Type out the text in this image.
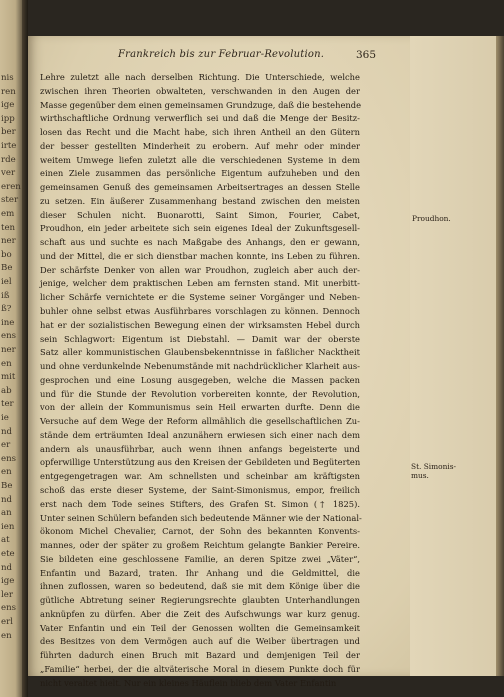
nis
ren
ige
ipp
ber
irte
rde
ver
eren
ster
em
ten
ner
bo
Be
iel
iß
ß?
ine
ens
ner
en
mit
ab
ter
ie
nd
er
ens
en
Be
nd
an
ien
at
ete
nd
ige
ler
ens
erl
en
Frankreich bis zur Februar-Revolution.	365
Lehre zuletzt alle nach derselben Richtung. Die Unterschiede, welche
zwischen ihren Theorien obwalteten, verschwanden in den Augen der
Masse gegenüber dem einen gemeinsamen Grundzuge, daß die bestehende
wirthschaftliche Ordnung verwerflich sei und daß die Menge der Besitz-
losen das Recht und die Macht habe, sich ihren Antheil an den Gütern
der besser gestellten Minderheit zu erobern. Auf mehr oder minder
weitem Umwege liefen zuletzt alle die verschiedenen Systeme in dem
einen Ziele zusammen das persönliche Eigentum aufzuheben und den
gemeinsamen Genuß des gemeinsamen Arbeitsertrages an dessen Stelle
zu setzen. Ein äußerer Zusammenhang bestand zwischen den meisten
dieser Schulen nicht. Buonarotti, Saint Simon, Fourier, Cabet,
Proudhon, ein jeder arbeitete sich sein eigenes Ideal der Zukunftsgesell-
schaft aus und suchte es nach Maßgabe des Anhangs, den er gewann,
und der Mittel, die er sich dienstbar machen konnte, ins Leben zu führen.
Der schärfste Denker von allen war Proudhon, zugleich aber auch der-
jenige, welcher dem praktischen Leben am fernsten stand. Mit unerbitt-
licher Schärfe vernichtete er die Systeme seiner Vorgänger und Neben-
buhler ohne selbst etwas Ausführbares vorschlagen zu können. Dennoch
hat er der sozialistischen Bewegung einen der wirksamsten Hebel durch
sein Schlagwort: Eigentum ist Diebstahl. — Damit war der oberste
Satz aller kommunistischen Glaubensbekenntnisse in faßlicher Nacktheit
und ohne verdunkelnde Nebenumstände mit nachdrücklicher Klarheit aus-
gesprochen und eine Losung ausgegeben, welche die Massen packen
und für die Stunde der Revolution vorbereiten konnte, der Revolution,
von der allein der Kommunismus sein Heil erwarten durfte. Denn die
Versuche auf dem Wege der Reform allmählich die gesellschaftlichen Zu-
stände dem erträumten Ideal anzunähern erwiesen sich einer nach dem
andern als unausführbar, auch wenn ihnen anfangs begeisterte und
opferwillige Unterstützung aus den Kreisen der Gebildeten und Begüterten
entgegengetragen war. Am schnellsten und scheinbar am kräftigsten
schoß das erste dieser Systeme, der Saint-Simonismus, empor, freilich
erst nach dem Tode seines Stifters, des Grafen St. Simon († 1825).
Unter seinen Schülern befanden sich bedeutende Männer wie der National-
ökonom Michel Chevalier, Carnot, der Sohn des bekannten Konvents-
mannes, oder der später zu großem Reichtum gelangte Bankier Pereire.
Sie bildeten eine geschlossene Familie, an deren Spitze zwei „Väter“,
Enfantin und Bazard, traten. Ihr Anhang und die Geldmittel, die
ihnen zuflossen, waren so bedeutend, daß sie mit dem Könige über die
gütliche Abtretung seiner Regierungsrechte glaubten Unterhandlungen
anknüpfen zu dürfen. Aber die Zeit des Aufschwungs war kurz genug.
Vater Enfantin und ein Teil der Genossen wollten die Gemeinsamkeit
des Besitzes von dem Vermögen auch auf die Weiber übertragen und
führten dadurch einen Bruch mit Bazard und demjenigen Teil der
„Familie“ herbei, der die altväterische Moral in diesem Punkte doch für
nicht veraltet hielt. Nur ein kleines Häuflein blieb dem Vater Enfantin
Proudhon.
St. Simonis-
mus.
